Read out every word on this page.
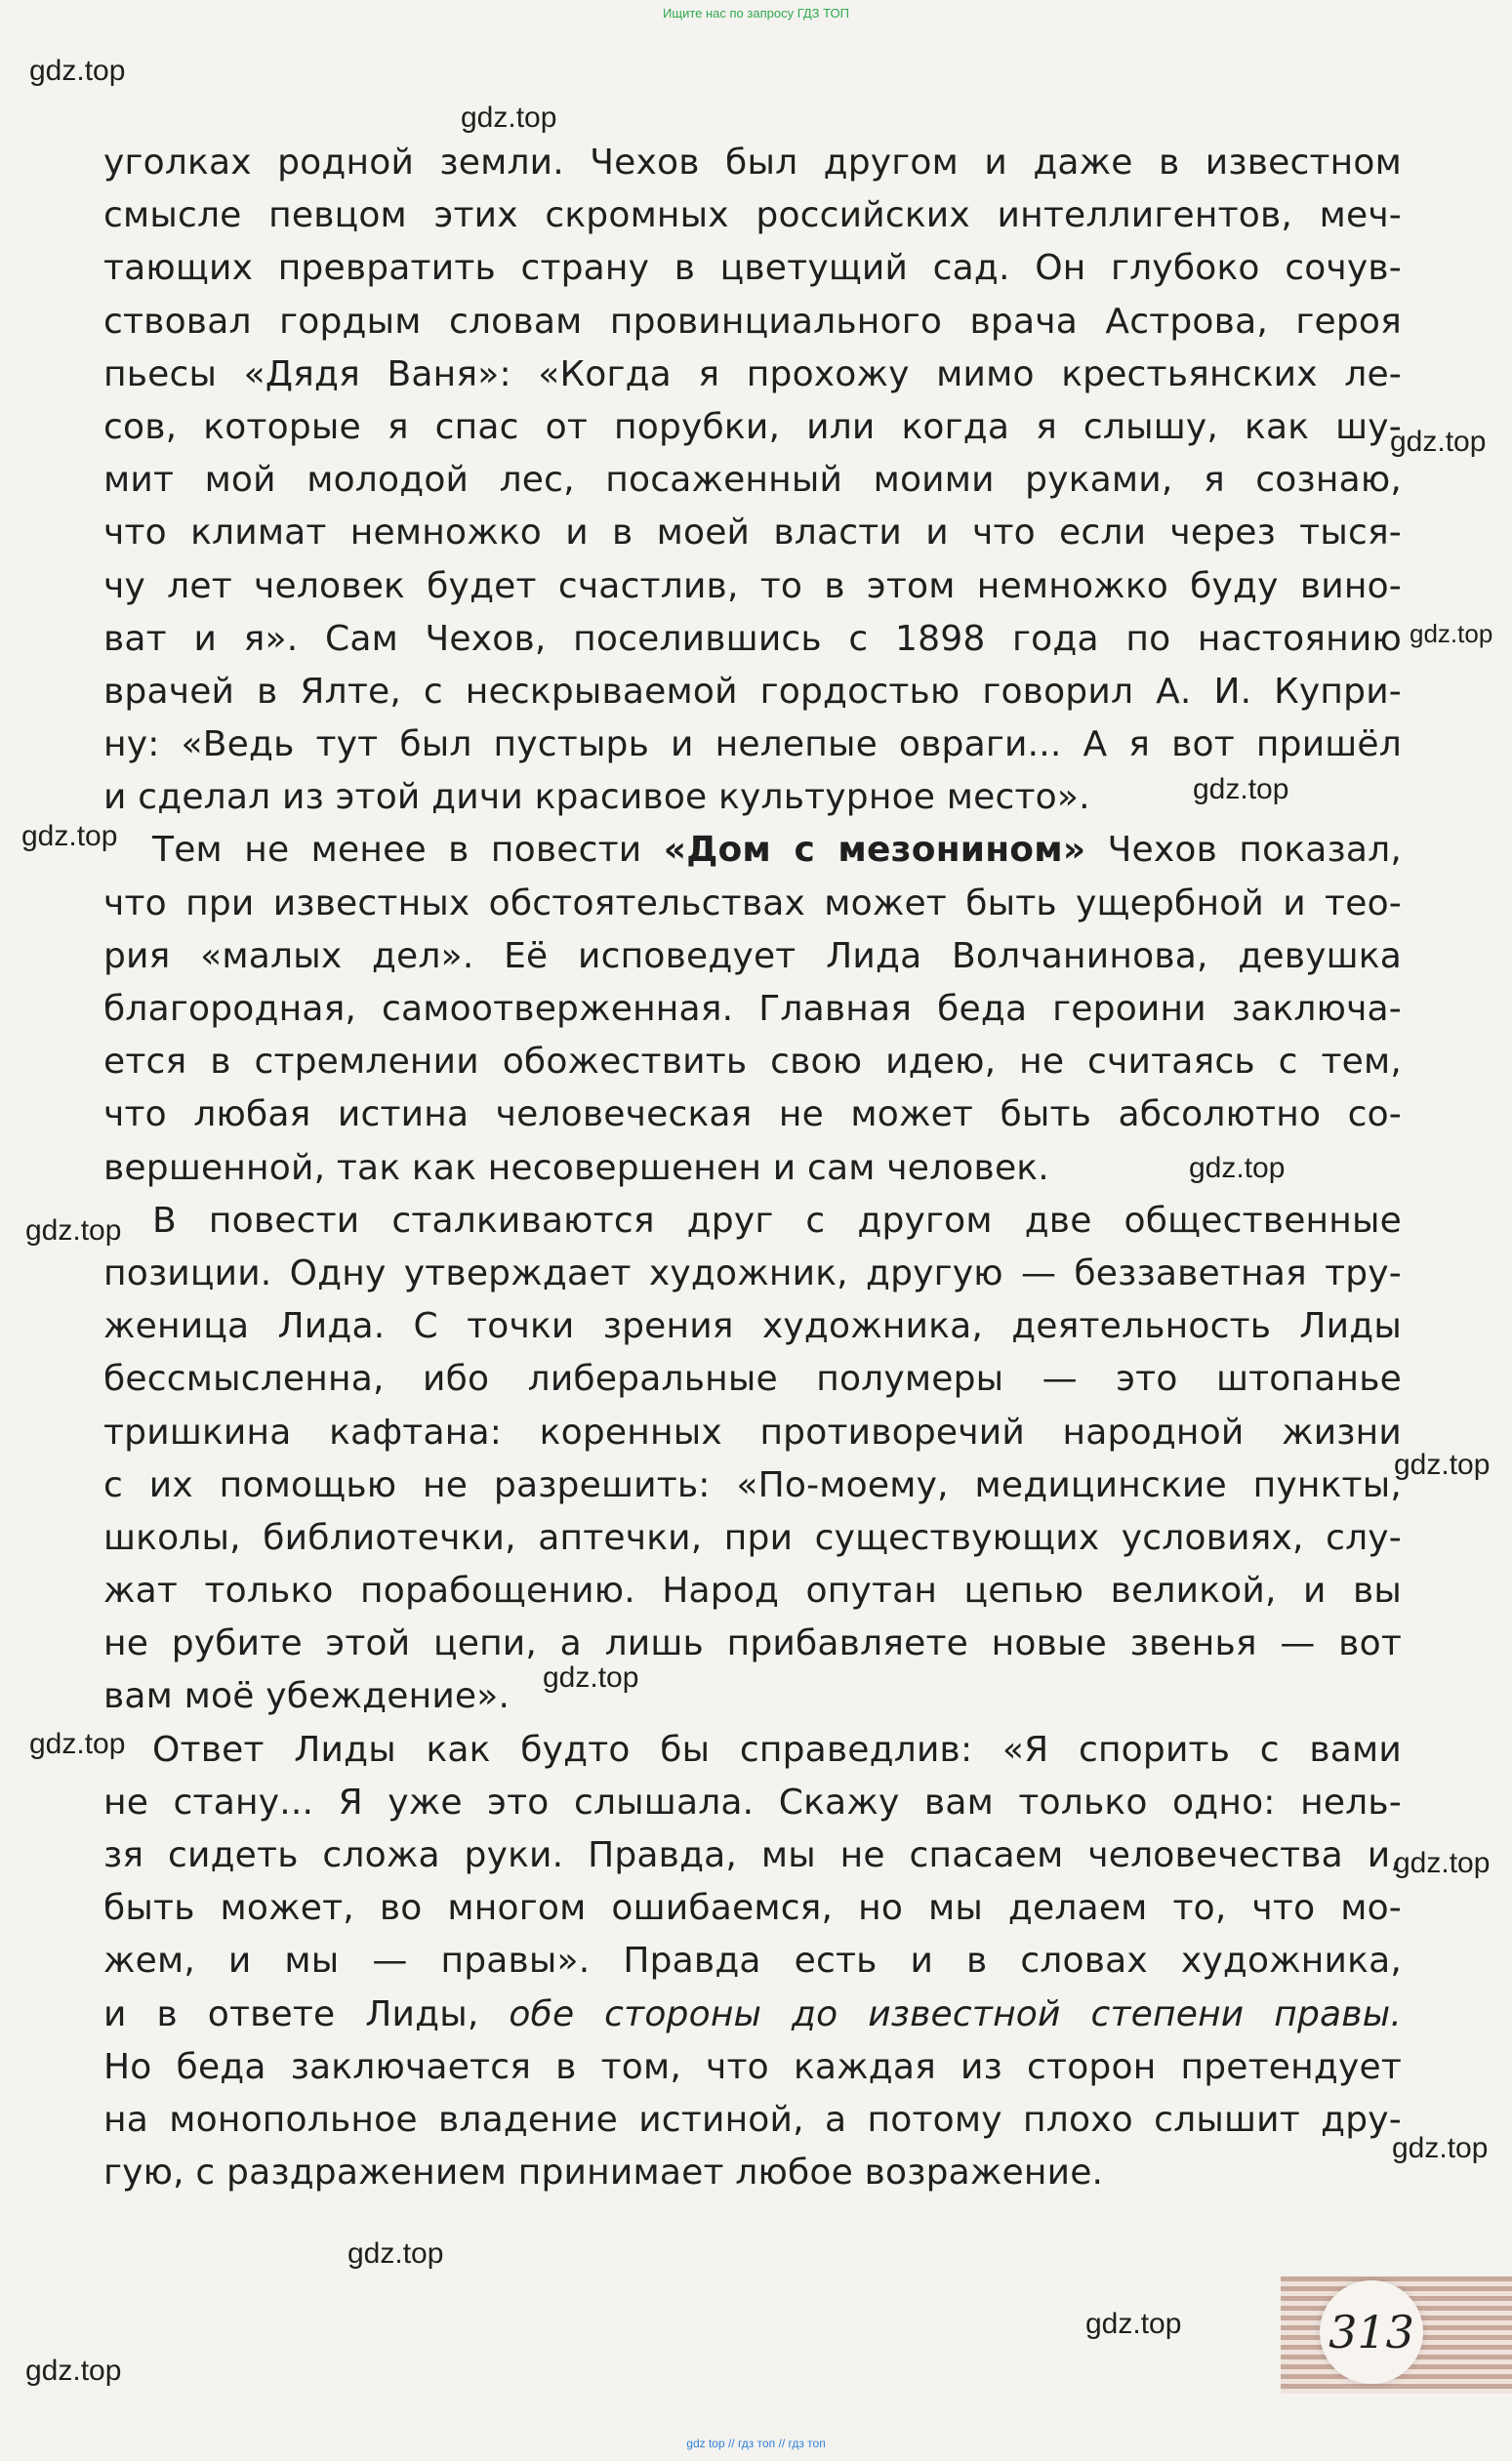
Ищите нас по запросу ГДЗ ТОП
уголках родной земли. Чехов был другом и даже в известном
смысле певцом этих скромных российских интеллигентов, меч-
тающих превратить страну в цветущий сад. Он глубоко сочув-
ствовал гордым словам провинциального врача Астрова, героя
пьесы «Дядя Ваня»: «Когда я прохожу мимо крестьянских ле-
сов, которые я спас от порубки, или когда я слышу, как шу-
мит мой молодой лес, посаженный моими руками, я сознаю,
что климат немножко и в моей власти и что если через тыся-
чу лет человек будет счастлив, то в этом немножко буду вино-
ват и я». Сам Чехов, поселившись с 1898 года по настоянию
врачей в Ялте, с нескрываемой гордостью говорил А. И. Купри-
ну: «Ведь тут был пустырь и нелепые овраги... А я вот пришёл
и сделал из этой дичи красивое культурное место».
Тем не менее в повести «Дом с мезонином» Чехов показал,
что при известных обстоятельствах может быть ущербной и тео-
рия «малых дел». Её исповедует Лида Волчанинова, девушка
благородная, самоотверженная. Главная беда героини заключа-
ется в стремлении обожествить свою идею, не считаясь с тем,
что любая истина человеческая не может быть абсолютно со-
вершенной, так как несовершенен и сам человек.
В повести сталкиваются друг с другом две общественные
позиции. Одну утверждает художник, другую — беззаветная тру-
женица Лида. С точки зрения художника, деятельность Лиды
бессмысленна, ибо либеральные полумеры — это штопанье
тришкина кафтана: коренных противоречий народной жизни
с их помощью не разрешить: «По-моему, медицинские пункты,
школы, библиотечки, аптечки, при существующих условиях, слу-
жат только порабощению. Народ опутан цепью великой, и вы
не рубите этой цепи, а лишь прибавляете новые звенья — вот
вам моё убеждение».
Ответ Лиды как будто бы справедлив: «Я спорить с вами
не стану... Я уже это слышала. Скажу вам только одно: нель-
зя сидеть сложа руки. Правда, мы не спасаем человечества и,
быть может, во многом ошибаемся, но мы делаем то, что мо-
жем, и мы — правы». Правда есть и в словах художника,
и в ответе Лиды, обе стороны до известной степени правы.
Но беда заключается в том, что каждая из сторон претендует
на монопольное владение истиной, а потому плохо слышит дру-
гую, с раздражением принимает любое возражение.
gdz.top
gdz.top
gdz.top
gdz.top
gdz.top
gdz.top
gdz.top
gdz.top
gdz.top
gdz.top
gdz.top
gdz.top
gdz.top
gdz.top
gdz.top
gdz.top
313
gdz top // гдз топ // гдз топ
